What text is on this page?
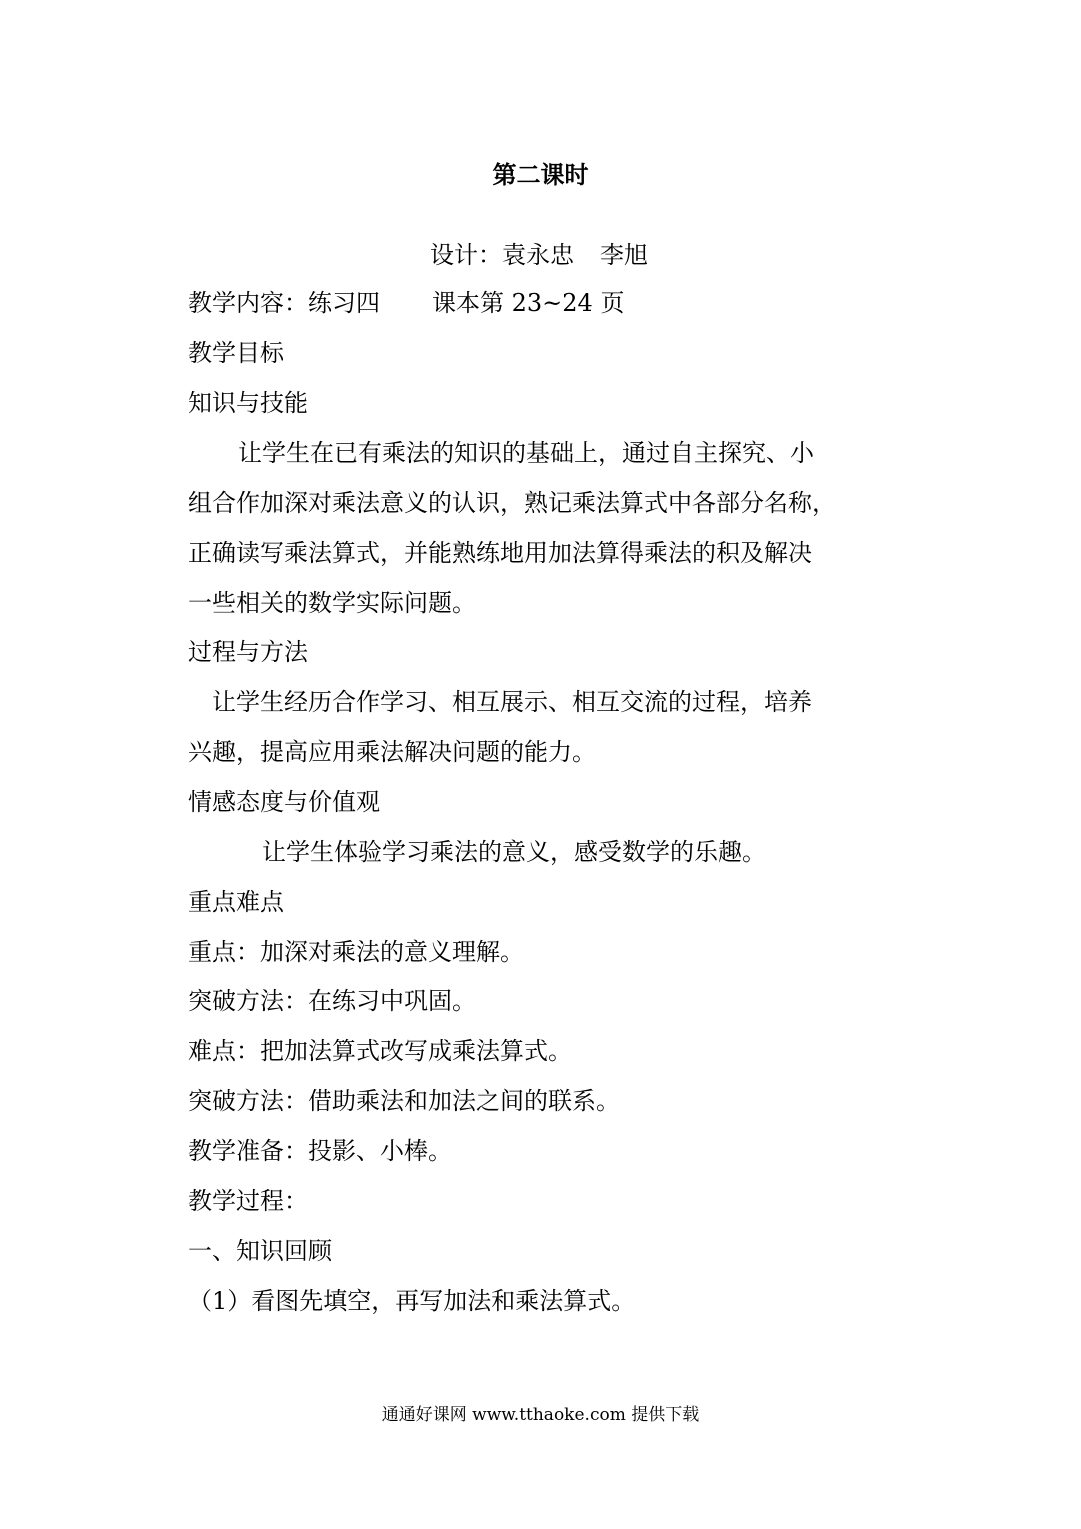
第二课时
设计：袁永忠 李旭
教学内容：练习四 课本第 23~24 页
教学目标
知识与技能
让学生在已有乘法的知识的基础上，通过自主探究、小
组合作加深对乘法意义的认识，熟记乘法算式中各部分名称，
正确读写乘法算式，并能熟练地用加法算得乘法的积及解决
一些相关的数学实际问题。
过程与方法
让学生经历合作学习、相互展示、相互交流的过程，培养
兴趣，提高应用乘法解决问题的能力。
情感态度与价值观
让学生体验学习乘法的意义，感受数学的乐趣。
重点难点
重点：加深对乘法的意义理解。
突破方法：在练习中巩固。
难点：把加法算式改写成乘法算式。
突破方法：借助乘法和加法之间的联系。
教学准备：投影、小棒。
教学过程：
一、知识回顾
（1）看图先填空，再写加法和乘法算式。
通通好课网 www.tthaoke.com 提供下载
